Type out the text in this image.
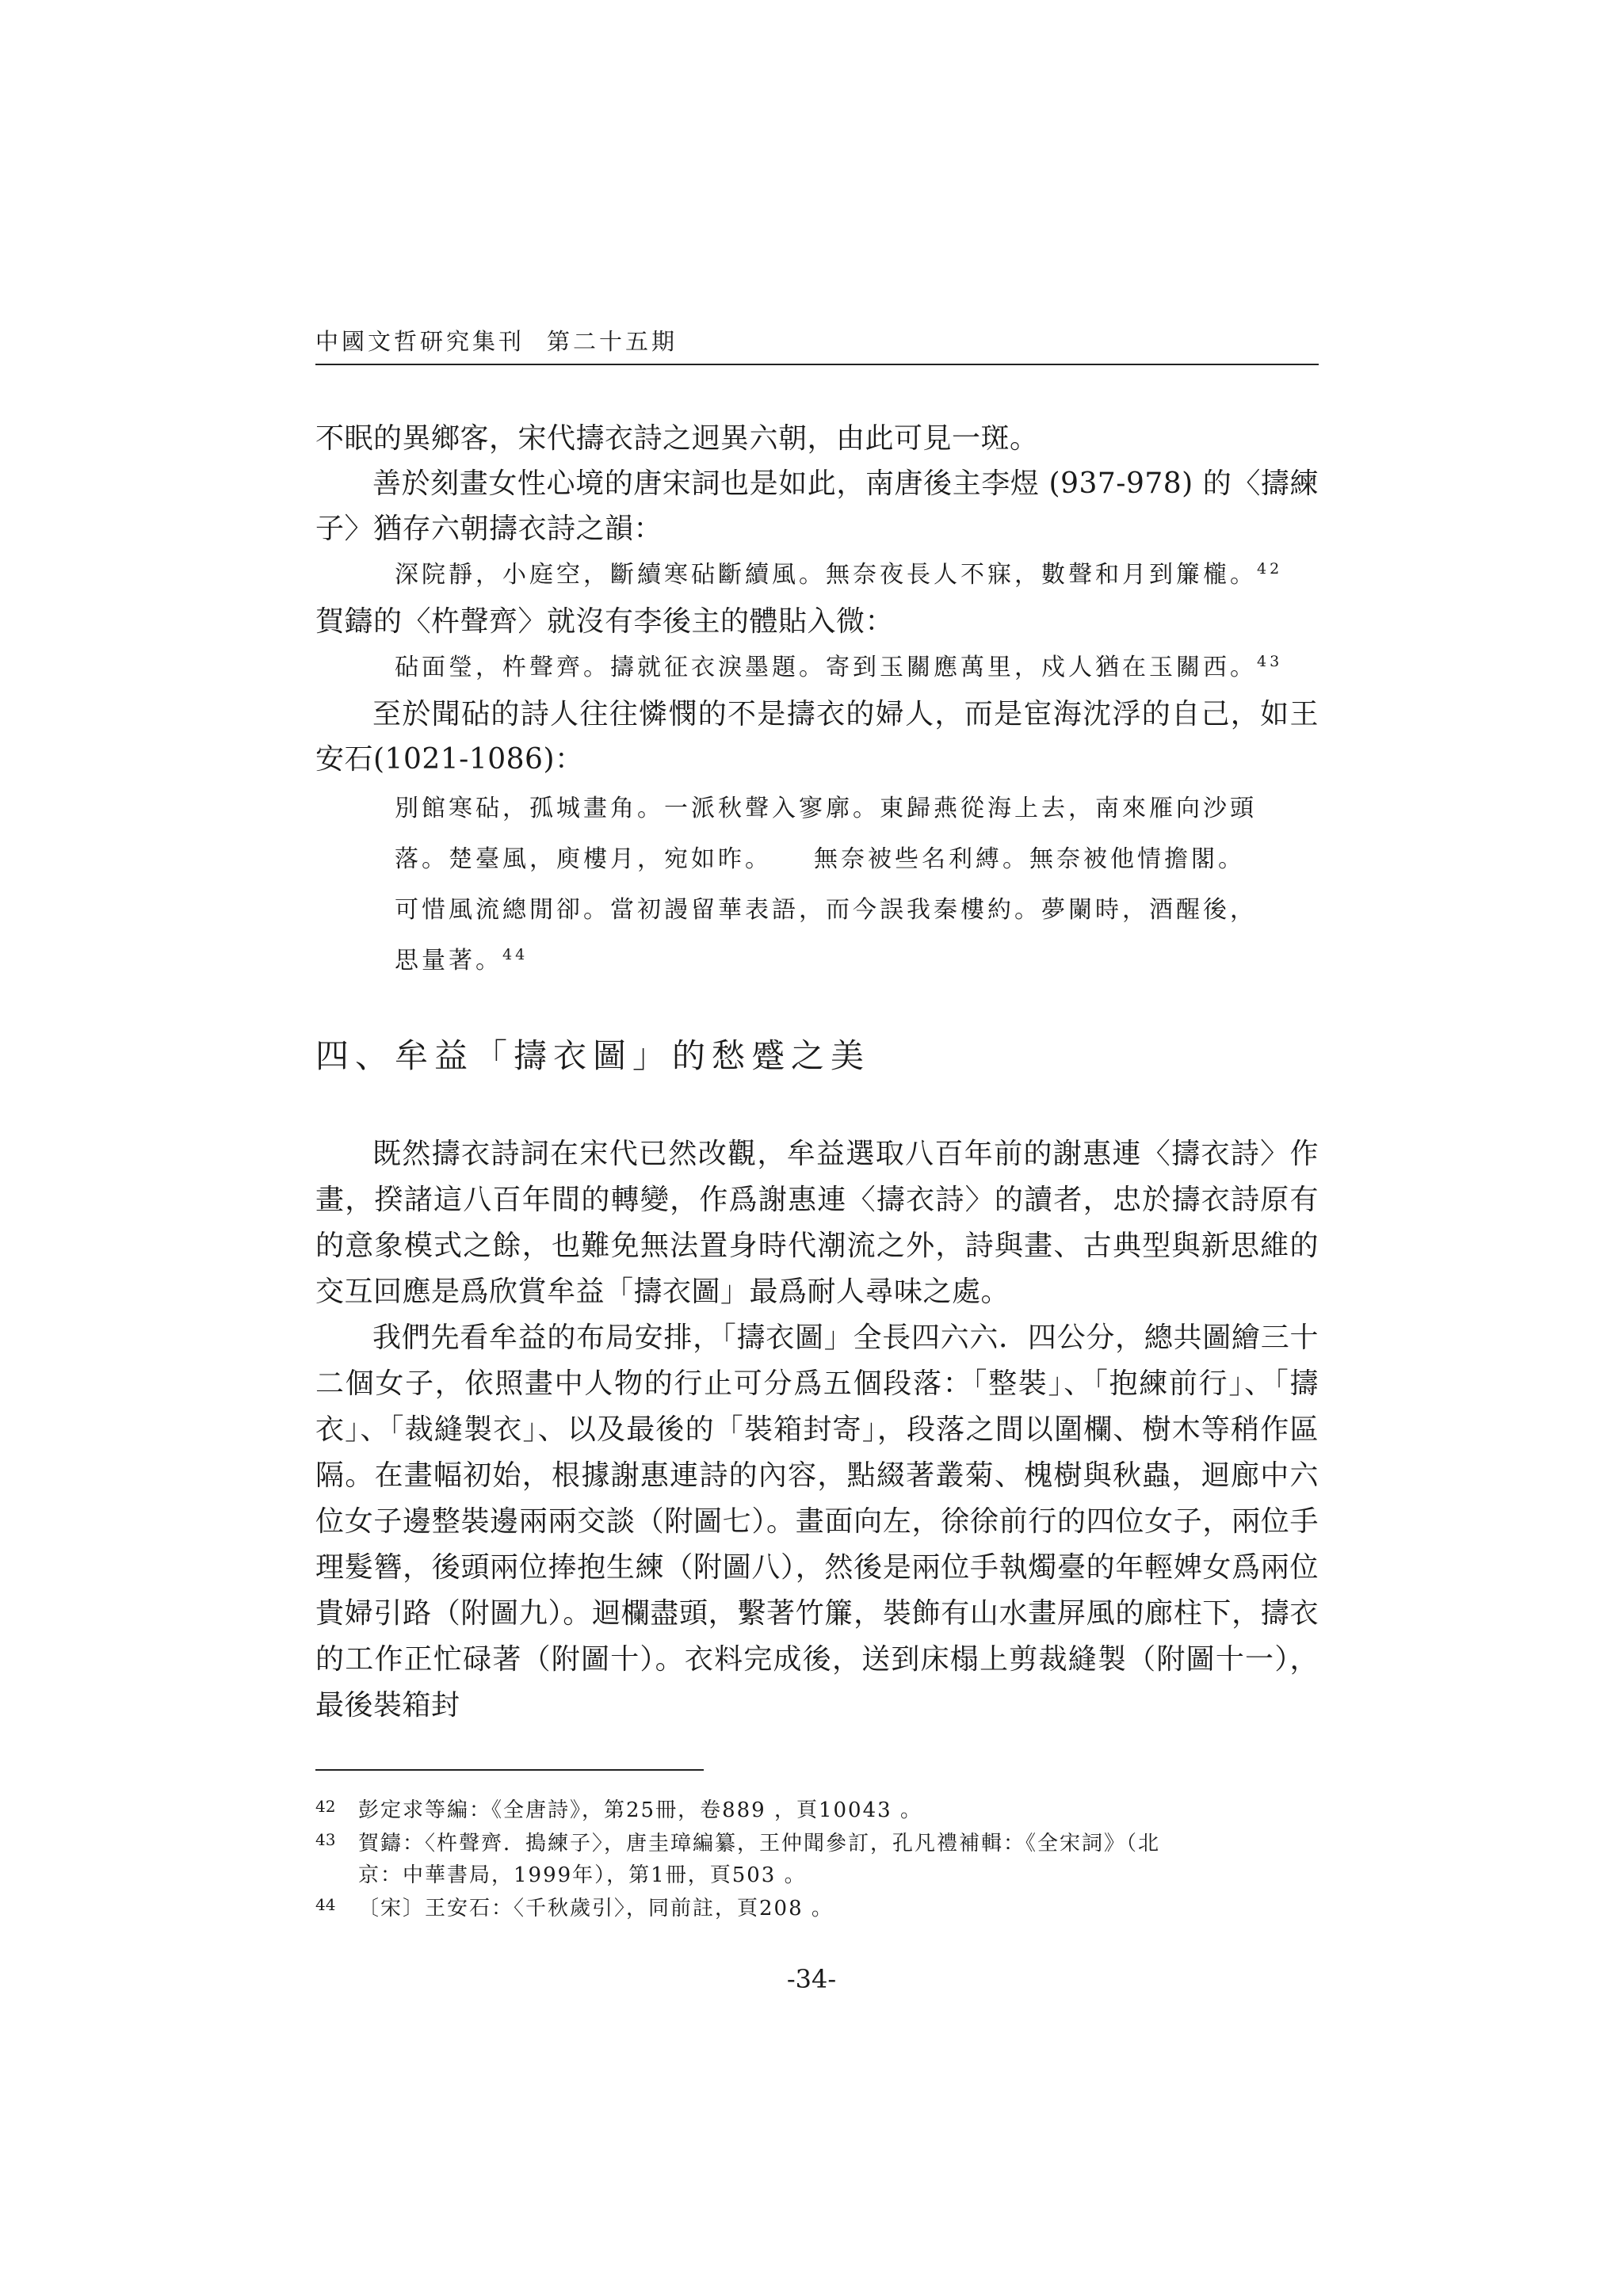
中國文哲研究集刊 第二十五期

不眠的異鄉客，宋代擣衣詩之迥異六朝，由此可見一斑。

善於刻畫女性心境的唐宋詞也是如此，南唐後主李煜 (937-978) 的〈擣練子〉猶存六朝擣衣詩之韻：

深院靜，小庭空，斷續寒砧斷續風。無奈夜長人不寐，數聲和月到簾櫳。$^{42}$

賀鑄的〈杵聲齊〉就沒有李後主的體貼入微：

砧面瑩，杵聲齊。擣就征衣淚墨題。寄到玉關應萬里，戍人猶在玉關西。$^{43}$

至於聞砧的詩人往往憐憫的不是擣衣的婦人，而是宦海沈浮的自己，如王安石(1021-1086)：

別館寒砧，孤城畫角。一派秋聲入寥廓。東歸燕從海上去，南來雁向沙頭

落。楚臺風，庾樓月，宛如昨。　　無奈被些名利縛。無奈被他情擔閣。

可惜風流總閒卻。當初謾留華表語，而今誤我秦樓約。夢闌時，酒醒後，

思量著。$^{44}$

四、牟益「擣衣圖」的愁蹙之美

既然擣衣詩詞在宋代已然改觀，牟益選取八百年前的謝惠連〈擣衣詩〉作畫，揆諸這八百年間的轉變，作爲謝惠連〈擣衣詩〉的讀者，忠於擣衣詩原有的意象模式之餘，也難免無法置身時代潮流之外，詩與畫、古典型與新思維的交互回應是爲欣賞牟益「擣衣圖」最爲耐人尋味之處。

我們先看牟益的布局安排，「擣衣圖」全長四六六．四公分，總共圖繪三十二個女子，依照畫中人物的行止可分爲五個段落：「整裝」、「抱練前行」、「擣衣」、「裁縫製衣」、以及最後的「裝箱封寄」，段落之間以圍欄、樹木等稍作區隔。在畫幅初始，根據謝惠連詩的內容，點綴著叢菊、槐樹與秋蟲，迴廊中六位女子邊整裝邊兩兩交談（附圖七）。畫面向左，徐徐前行的四位女子，兩位手理髮簪，後頭兩位捧抱生練（附圖八），然後是兩位手執燭臺的年輕婢女爲兩位貴婦引路（附圖九）。迴欄盡頭，繫著竹簾，裝飾有山水畫屏風的廊柱下，擣衣的工作正忙碌著（附圖十）。衣料完成後，送到床榻上剪裁縫製（附圖十一），最後裝箱封

42 彭定求等編：《全唐詩》，第25冊，卷889 ，頁10043 。
43 賀鑄：〈杵聲齊．搗練子〉，唐圭璋編纂，王仲聞參訂，孔凡禮補輯：《全宋詞》（北
京：中華書局，1999年），第1冊，頁503 。
44 〔宋〕王安石：〈千秋歲引〉，同前註，頁208 。
-34-
